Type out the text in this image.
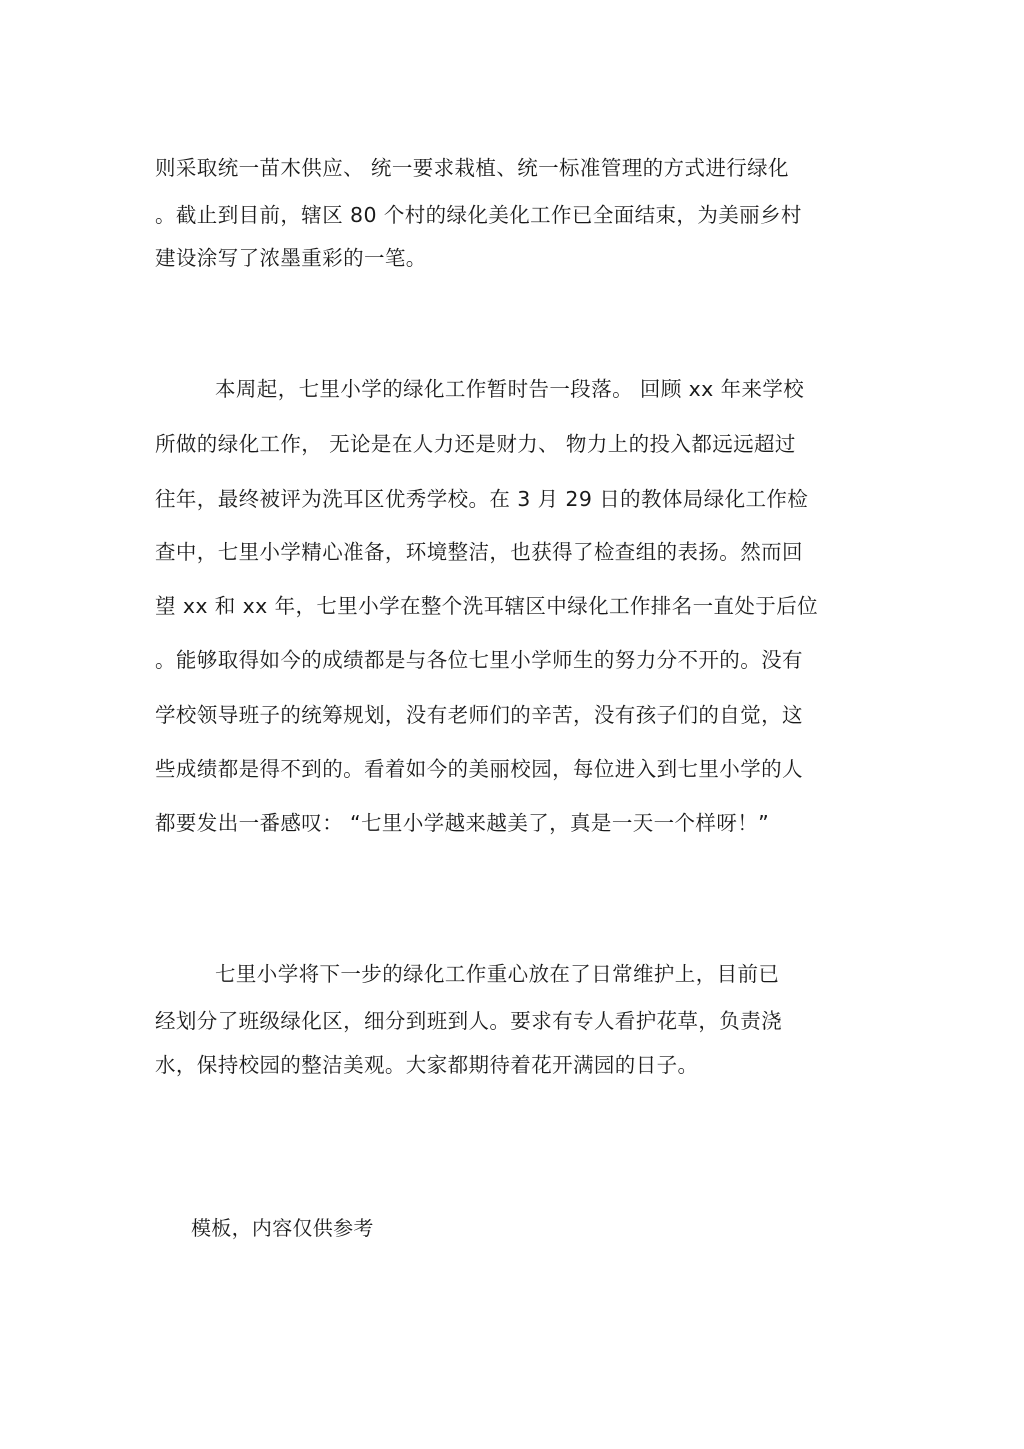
则采取统一苗木供应、 统一要求栽植、统一标准管理的方式进行绿化
。截止到目前，辖区 80 个村的绿化美化工作已全面结束，为美丽乡村
建设涂写了浓墨重彩的一笔。
本周起，七里小学的绿化工作暂时告一段落。 回顾 xx 年来学校
所做的绿化工作， 无论是在人力还是财力、 物力上的投入都远远超过
往年，最终被评为洗耳区优秀学校。在 3 月 29 日的教体局绿化工作检
查中，七里小学精心准备，环境整洁，也获得了检查组的表扬。然而回
望 xx 和 xx 年，七里小学在整个洗耳辖区中绿化工作排名一直处于后位
。能够取得如今的成绩都是与各位七里小学师生的努力分不开的。没有
学校领导班子的统筹规划，没有老师们的辛苦，没有孩子们的自觉，这
些成绩都是得不到的。看着如今的美丽校园，每位进入到七里小学的人
都要发出一番感叹： “七里小学越来越美了，真是一天一个样呀！”
七里小学将下一步的绿化工作重心放在了日常维护上，目前已
经划分了班级绿化区，细分到班到人。要求有专人看护花草，负责浇
水，保持校园的整洁美观。大家都期待着花开满园的日子。
模板，内容仅供参考
